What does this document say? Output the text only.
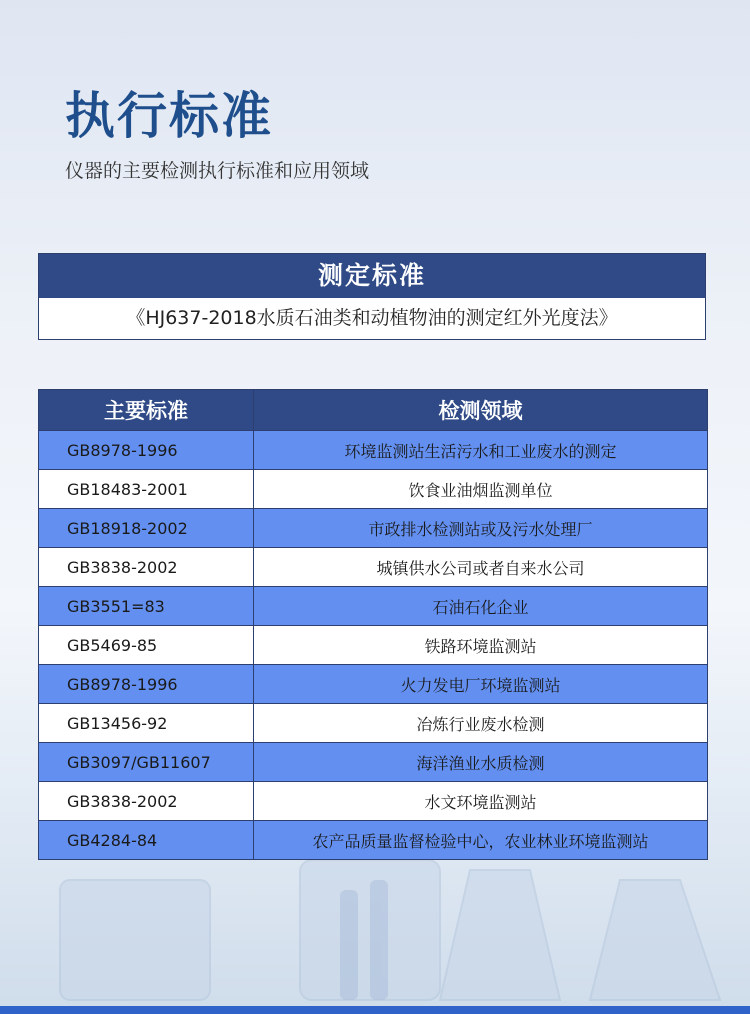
执行标准

仪器的主要检测执行标准和应用领域

测定标准
《HJ637-2018水质石油类和动植物油的测定红外光度法》
主要标准	检测领域
GB8978-1996	环境监测站生活污水和工业废水的测定
GB18483-2001	饮食业油烟监测单位
GB18918-2002	市政排水检测站或及污水处理厂
GB3838-2002	城镇供水公司或者自来水公司
GB3551=83	石油石化企业
GB5469-85	铁路环境监测站
GB8978-1996	火力发电厂环境监测站
GB13456-92	冶炼行业废水检测
GB3097/GB11607	海洋渔业水质检测
GB3838-2002	水文环境监测站
GB4284-84	农产品质量监督检验中心，农业林业环境监测站
